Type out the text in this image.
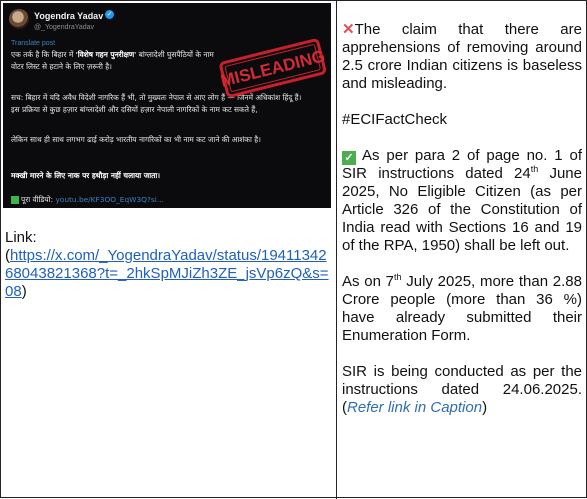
Yogendra Yadav ✓
@_YogendraYadav
Translate post
एक तर्क है कि बिहार में 'विशेष गहन पुनरीक्षण' बांग्लादेशी घुसपैठियों के नाम वोटर लिस्ट से हटाने के लिए ज़रूरी है।
सच: बिहार में यदि अवैध विदेशी नागरिक हैं भी, तो मुख्यतः नेपाल से आए लोग हैं — जिनमें अधिकांश हिंदू हैं। इस प्रक्रिया से कुछ हज़ार बांग्लादेशी और दसियों हज़ार नेपाली नागरिकों के नाम कट सकते हैं,
लेकिन साथ ही साथ लगभग ढाई करोड़ भारतीय नागरिकों का भी नाम कट जाने की आशंका है।
मक्खी मारने के लिए नाक पर हथौड़ा नहीं चलाया जाता।
पूरा वीडियो: youtu.be/KF3OO_EqW3Q?si...
MISLEADING
Link:
(https://x.com/_YogendraYadav/status/1941134268043821368?t=_2hkSpMJiZh3ZE_jsVp6zQ&s=08)

✕The claim that there are apprehensions of removing around 2.5 crore Indian citizens is baseless and misleading.

#ECIFactCheck

✓ As per para 2 of page no. 1 of SIR instructions dated 24th June 2025, No Eligible Citizen (as per Article 326 of the Constitution of India read with Sections 16 and 19 of the RPA, 1950) shall be left out.

As on 7th July 2025, more than 2.88 Crore people (more than 36 %) have already submitted their Enumeration Form.

SIR is being conducted as per the instructions dated 24.06.2025. (Refer link in Caption)
